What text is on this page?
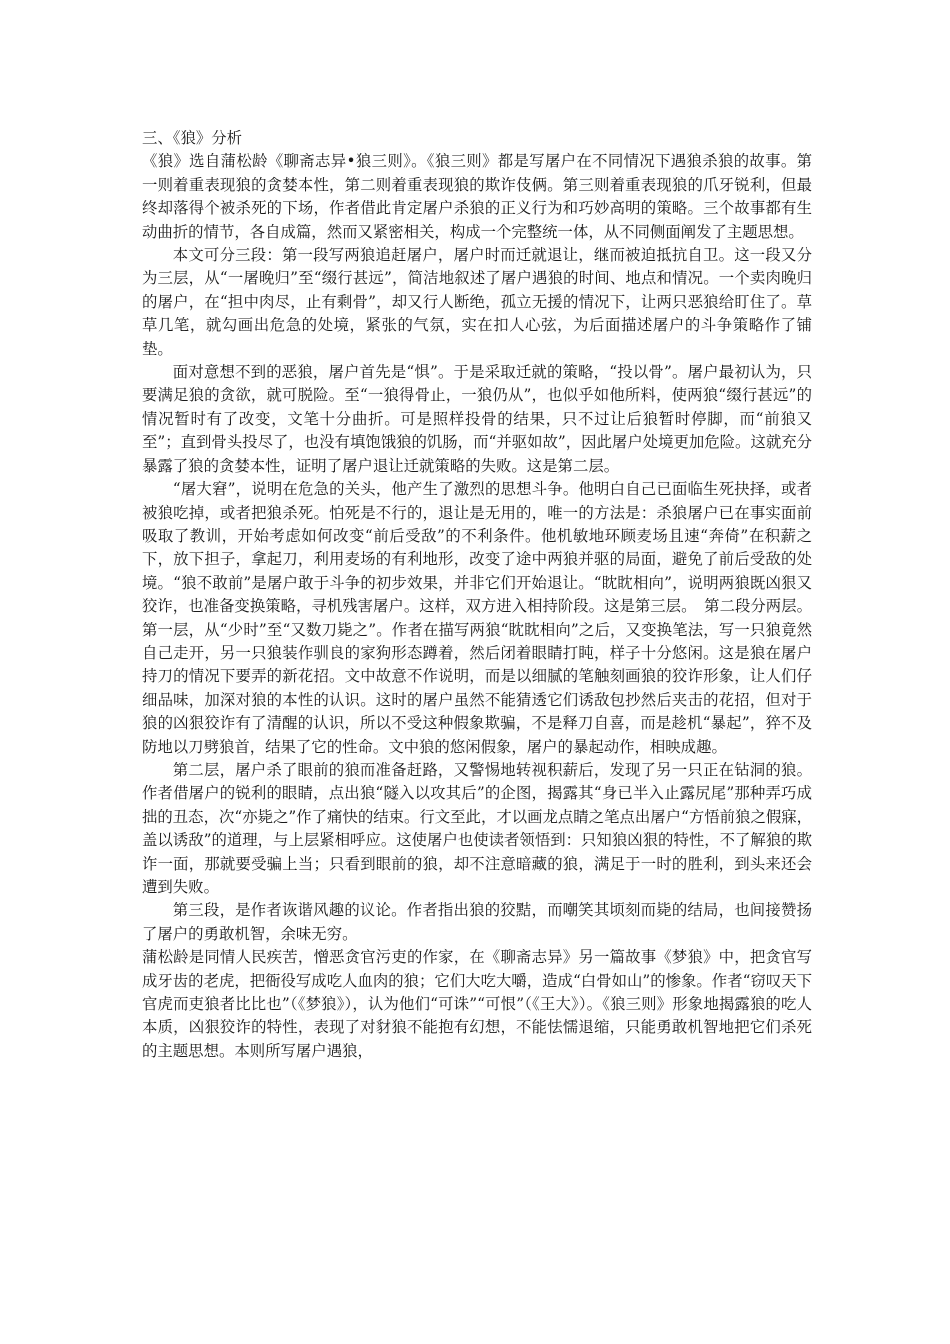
三、《狼》分析

《狼》选自蒲松龄《聊斋志异•狼三则》。《狼三则》都是写屠户在不同情况下遇狼杀狼的故事。第一则着重表现狼的贪婪本性，第二则着重表现狼的欺诈伎俩。第三则着重表现狼的爪牙锐利，但最终却落得个被杀死的下场，作者借此肯定屠户杀狼的正义行为和巧妙高明的策略。三个故事都有生动曲折的情节，各自成篇，然而又紧密相关，构成一个完整统一体，从不同侧面阐发了主题思想。

本文可分三段：第一段写两狼追赶屠户，屠户时而迁就退让，继而被迫抵抗自卫。这一段又分为三层，从“一屠晚归”至“缀行甚远”，简洁地叙述了屠户遇狼的时间、地点和情况。一个卖肉晚归的屠户，在“担中肉尽，止有剩骨”，却又行人断绝，孤立无援的情况下，让两只恶狼给盯住了。草草几笔，就勾画出危急的处境，紧张的气氛，实在扣人心弦，为后面描述屠户的斗争策略作了铺垫。

面对意想不到的恶狼，屠户首先是“惧”。于是采取迁就的策略，“投以骨”。屠户最初认为，只要满足狼的贪欲，就可脱险。至“一狼得骨止，一狼仍从”，也似乎如他所料，使两狼“缀行甚远”的情况暂时有了改变，文笔十分曲折。可是照样投骨的结果，只不过让后狼暂时停脚，而“前狼又至”；直到骨头投尽了，也没有填饱饿狼的饥肠，而“并驱如故”，因此屠户处境更加危险。这就充分暴露了狼的贪婪本性，证明了屠户退让迁就策略的失败。这是第二层。

“屠大窘”，说明在危急的关头，他产生了激烈的思想斗争。他明白自己已面临生死抉择，或者被狼吃掉，或者把狼杀死。怕死是不行的，退让是无用的，唯一的方法是：杀狼屠户已在事实面前吸取了教训，开始考虑如何改变“前后受敌”的不利条件。他机敏地环顾麦场且速“奔倚”在积薪之下，放下担子，拿起刀，利用麦场的有利地形，改变了途中两狼并驱的局面，避免了前后受敌的处境。“狼不敢前”是屠户敢于斗争的初步效果，并非它们开始退让。“眈眈相向”，说明两狼既凶狠又狡诈，也准备变换策略，寻机残害屠户。这样，双方进入相持阶段。这是第三层。　第二段分两层。第一层，从“少时”至“又数刀毙之”。作者在描写两狼“眈眈相向”之后，又变换笔法，写一只狼竟然自己走开，另一只狼装作驯良的家狗形态蹲着，然后闭着眼睛打盹，样子十分悠闲。这是狼在屠户持刀的情况下要弄的新花招。文中故意不作说明，而是以细腻的笔触刻画狼的狡诈形象，让人们仔细品味，加深对狼的本性的认识。这时的屠户虽然不能猜透它们诱敌包抄然后夹击的花招，但对于狼的凶狠狡诈有了清醒的认识，所以不受这种假象欺骗，不是释刀自喜，而是趁机“暴起”，猝不及防地以刀劈狼首，结果了它的性命。文中狼的悠闲假象，屠户的暴起动作，相映成趣。

第二层，屠户杀了眼前的狼而准备赶路，又警惕地转视积薪后，发现了另一只正在钻洞的狼。作者借屠户的锐利的眼睛，点出狼“隧入以攻其后”的企图，揭露其“身已半入止露尻尾”那种弄巧成拙的丑态，次“亦毙之”作了痛快的结束。行文至此，才以画龙点睛之笔点出屠户“方悟前狼之假寐，盖以诱敌”的道理，与上层紧相呼应。这使屠户也使读者领悟到：只知狼凶狠的特性，不了解狼的欺诈一面，那就要受骗上当；只看到眼前的狼，却不注意暗藏的狼，满足于一时的胜利，到头来还会遭到失败。

第三段，是作者诙谐风趣的议论。作者指出狼的狡黠，而嘲笑其顷刻而毙的结局，也间接赞扬了屠户的勇敢机智，余味无穷。

蒲松龄是同情人民疾苦，憎恶贪官污吏的作家，在《聊斋志异》另一篇故事《梦狼》中，把贪官写成牙齿的老虎，把衙役写成吃人血肉的狼；它们大吃大嚼，造成“白骨如山”的惨象。作者“窃叹天下官虎而吏狼者比比也”（《梦狼》），认为他们“可诛”“可恨”（《王大》）。《狼三则》形象地揭露狼的吃人本质，凶狠狡诈的特性，表现了对豺狼不能抱有幻想，不能怯懦退缩，只能勇敢机智地把它们杀死的主题思想。本则所写屠户遇狼，
